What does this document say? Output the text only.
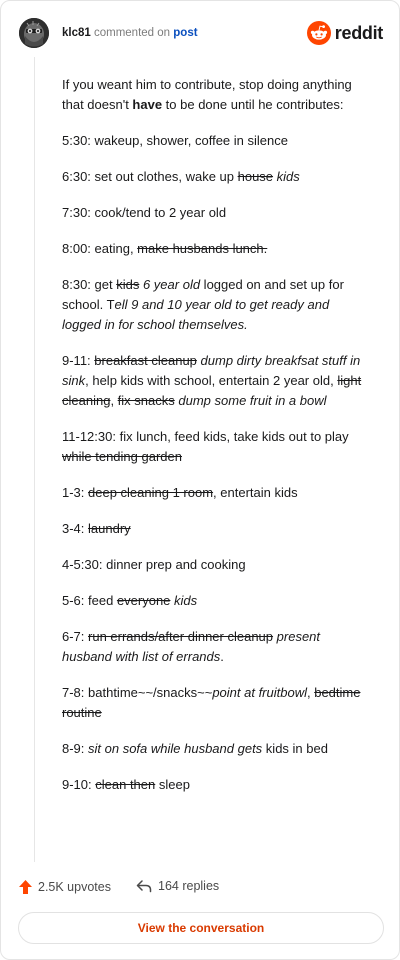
klc81 commented on post	reddit

If you weant him to contribute, stop doing anything that doesn't have to be done until he contributes:

5:30: wakeup, shower, coffee in silence

6:30: set out clothes, wake up house kids

7:30: cook/tend to 2 year old

8:00: eating, make husbands lunch.

8:30: get kids 6 year old logged on and set up for school. Tell 9 and 10 year old to get ready and logged in for school themselves.

9-11: breakfast cleanup dump dirty breakfsat stuff in sink, help kids with school, entertain 2 year old, light cleaning, fix snacks dump some fruit in a bowl

11-12:30: fix lunch, feed kids, take kids out to play while tending garden

1-3: deep cleaning 1 room, entertain kids

3-4: laundry

4-5:30: dinner prep and cooking

5-6: feed everyone kids

6-7: run errands/after dinner cleanup present husband with list of errands.

7-8: bathtime~~/snacks~~point at fruitbowl, bedtime routine

8-9: sit on sofa while husband gets kids in bed

9-10: clean then sleep

2.5K upvotes	164 replies
View the conversation
